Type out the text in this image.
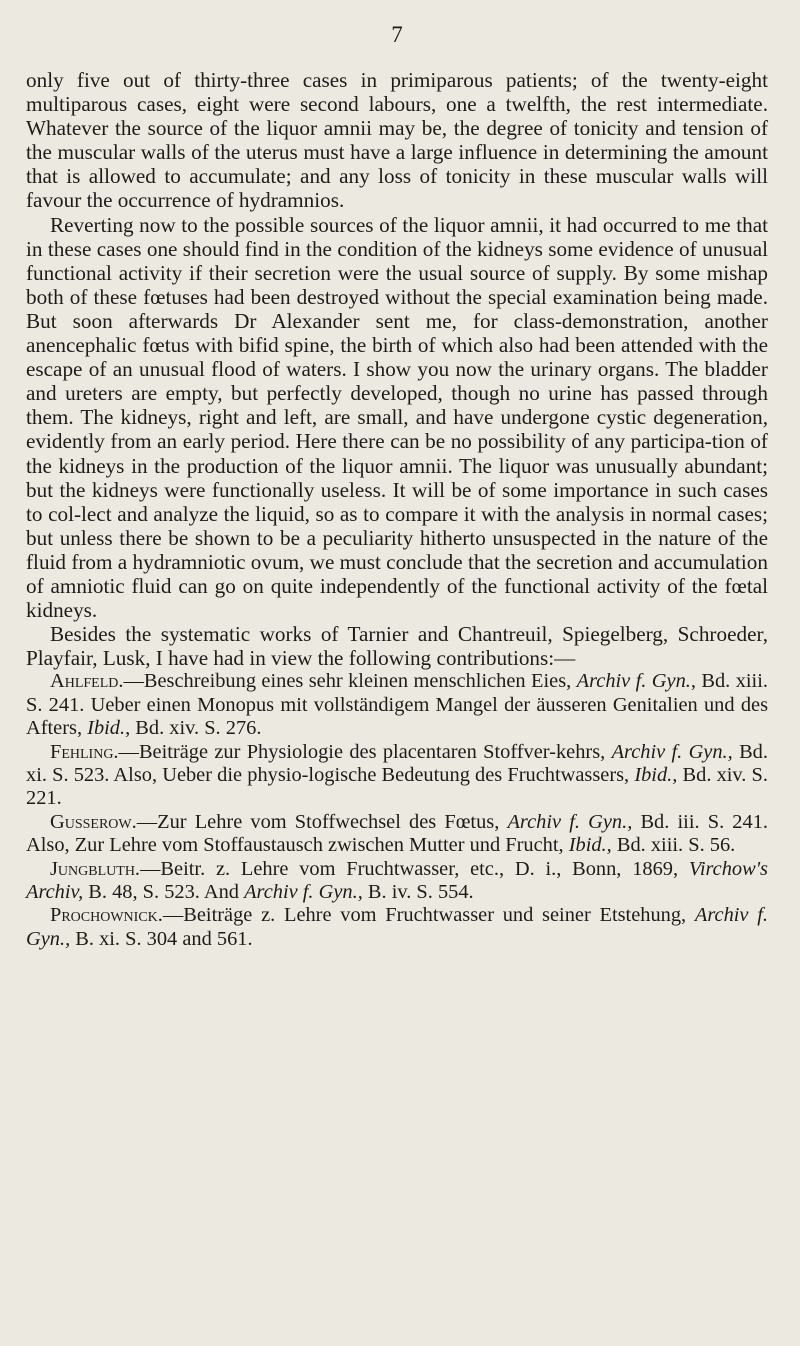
7

only five out of thirty-three cases in primiparous patients; of the twenty-eight multiparous cases, eight were second labours, one a twelfth, the rest intermediate. Whatever the source of the liquor amnii may be, the degree of tonicity and tension of the muscular walls of the uterus must have a large influence in determining the amount that is allowed to accumulate; and any loss of tonicity in these muscular walls will favour the occurrence of hydramnios.

Reverting now to the possible sources of the liquor amnii, it had occurred to me that in these cases one should find in the condition of the kidneys some evidence of unusual functional activity if their secretion were the usual source of supply. By some mishap both of these fœtuses had been destroyed without the special examination being made. But soon afterwards Dr Alexander sent me, for class-demonstration, another anencephalic fœtus with bifid spine, the birth of which also had been attended with the escape of an unusual flood of waters. I show you now the urinary organs. The bladder and ureters are empty, but perfectly developed, though no urine has passed through them. The kidneys, right and left, are small, and have undergone cystic degeneration, evidently from an early period. Here there can be no possibility of any participa-tion of the kidneys in the production of the liquor amnii. The liquor was unusually abundant; but the kidneys were functionally useless. It will be of some importance in such cases to col-lect and analyze the liquid, so as to compare it with the analysis in normal cases; but unless there be shown to be a peculiarity hitherto unsuspected in the nature of the fluid from a hydramniotic ovum, we must conclude that the secretion and accumulation of amniotic fluid can go on quite independently of the functional activity of the fœtal kidneys.

Besides the systematic works of Tarnier and Chantreuil, Spiegelberg, Schroeder, Playfair, Lusk, I have had in view the following contributions:—

Ahlfeld.—Beschreibung eines sehr kleinen menschlichen Eies, Archiv f. Gyn., Bd. xiii. S. 241. Ueber einen Monopus mit vollständigem Mangel der äusseren Genitalien und des Afters, Ibid., Bd. xiv. S. 276.

Fehling.—Beiträge zur Physiologie des placentaren Stoffver-kehrs, Archiv f. Gyn., Bd. xi. S. 523. Also, Ueber die physio-logische Bedeutung des Fruchtwassers, Ibid., Bd. xiv. S. 221.

Gusserow.—Zur Lehre vom Stoffwechsel des Fœtus, Archiv f. Gyn., Bd. iii. S. 241. Also, Zur Lehre vom Stoffaustausch zwischen Mutter und Frucht, Ibid., Bd. xiii. S. 56.

Jungbluth.—Beitr. z. Lehre vom Fruchtwasser, etc., D. i., Bonn, 1869, Virchow's Archiv, B. 48, S. 523. And Archiv f. Gyn., B. iv. S. 554.

Prochownick.—Beiträge z. Lehre vom Fruchtwasser und seiner Etstehung, Archiv f. Gyn., B. xi. S. 304 and 561.
